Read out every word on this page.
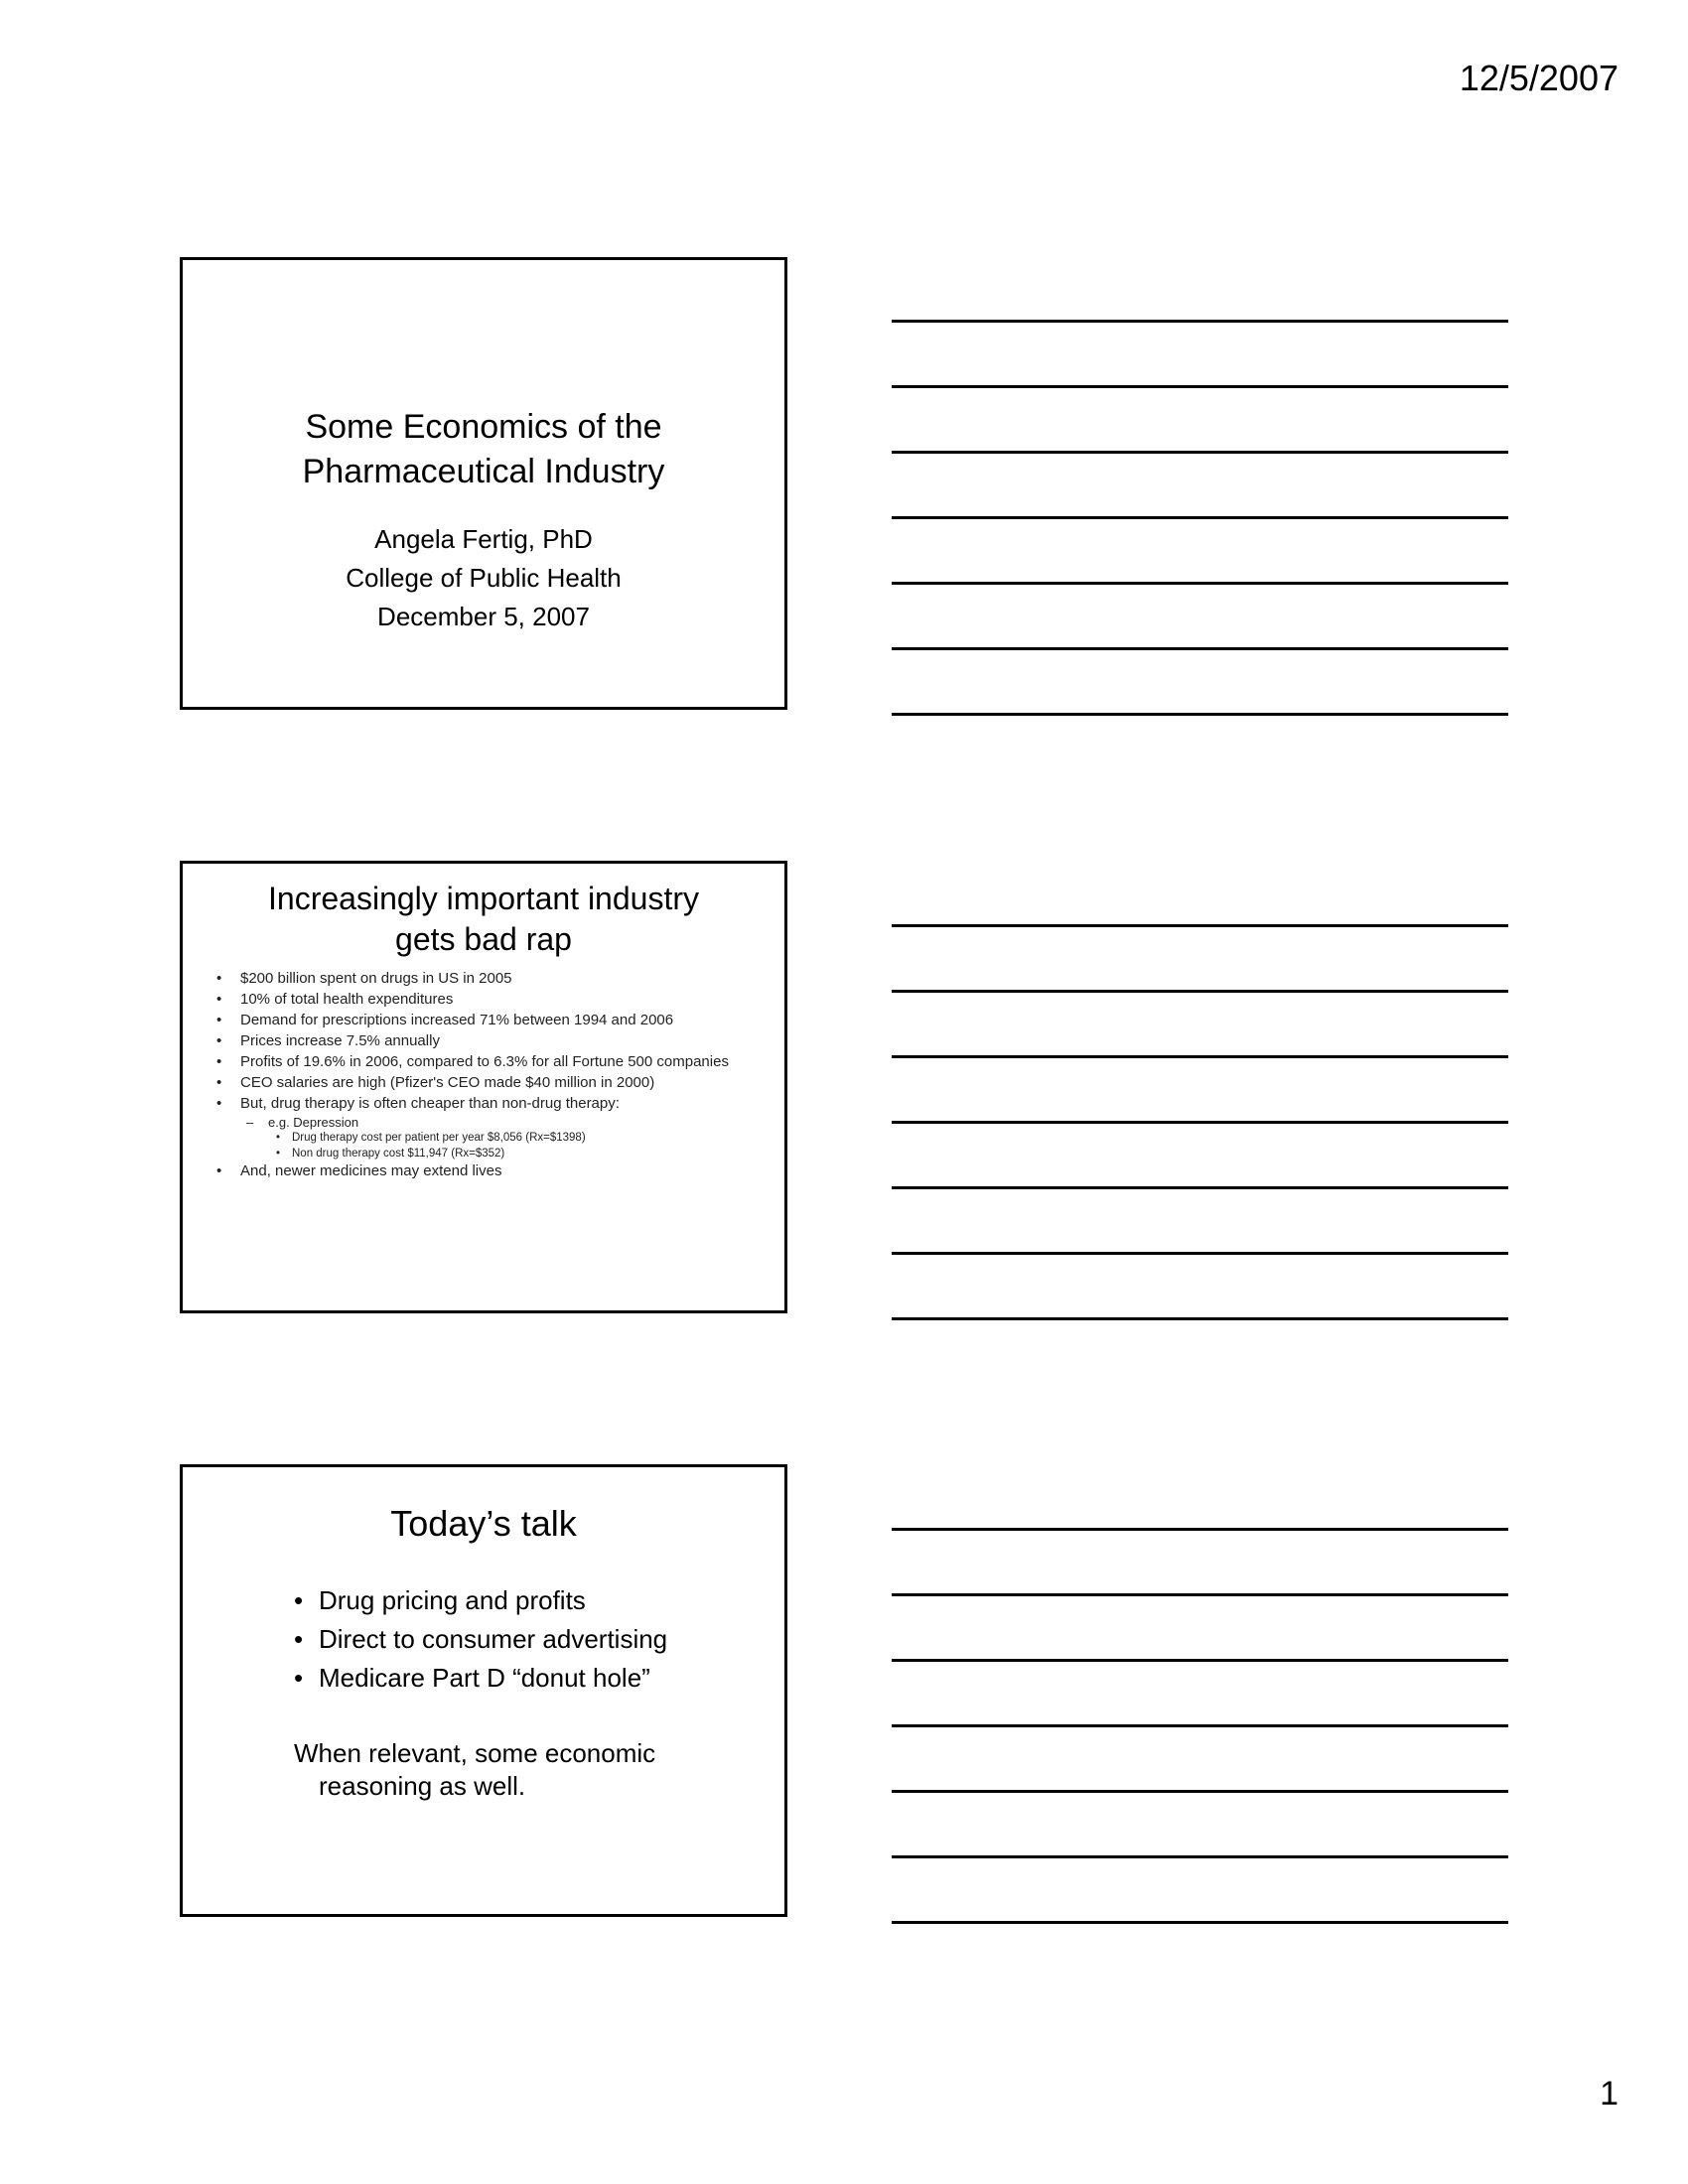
12/5/2007
Some Economics of the
Pharmaceutical Industry
Angela Fertig, PhD
College of Public Health
December 5, 2007
Increasingly important industry
gets bad rap
• $200 billion spent on drugs in US in 2005
• 10% of total health expenditures
• Demand for prescriptions increased 71% between 1994 and 2006
• Prices increase 7.5% annually
• Profits of 19.6% in 2006, compared to 6.3% for all Fortune 500 companies
• CEO salaries are high (Pfizer's CEO made $40 million in 2000)
• But, drug therapy is often cheaper than non-drug therapy:
– e.g. Depression
• Drug therapy cost per patient per year $8,056 (Rx=$1398)
• Non drug therapy cost $11,947 (Rx=$352)
• And, newer medicines may extend lives
Today’s talk
• Drug pricing and profits
• Direct to consumer advertising
• Medicare Part D “donut hole”
When relevant, some economic
reasoning as well.
1
